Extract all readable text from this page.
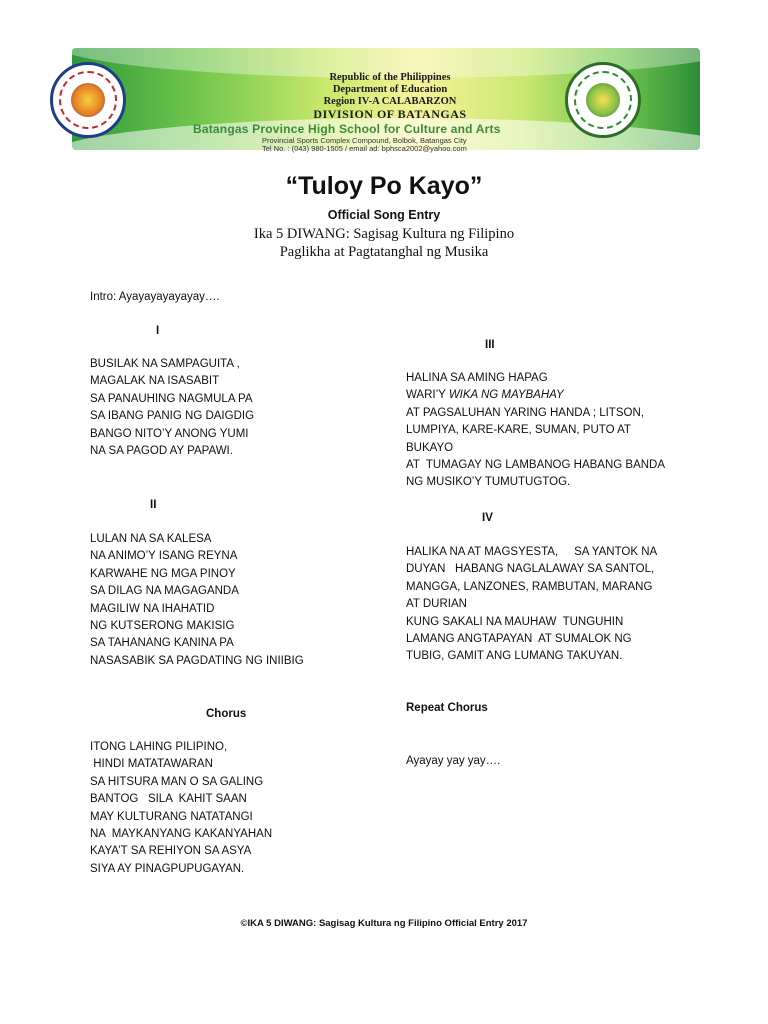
Republic of the Philippines
Department of Education
Region IV-A CALABARZON
DIVISION OF BATANGAS
Batangas Province High School for Culture and Arts
Provincial Sports Complex Compound, Bolbok, Batangas City
Tel No. : (043) 980-1505 / email ad: bphsca2002@yahoo.com
“Tuloy Po Kayo”
Official Song Entry
Ika 5 DIWANG: Sagisag Kultura ng Filipino
Paglikha at Pagtatanghal ng Musika
Intro: Ayayayayayayay….
I
BUSILAK NA SAMPAGUITA ,
MAGALAK NA ISASABIT
SA PANAUHING NAGMULA PA
SA IBANG PANIG NG DAIGDIG
BANGO NITO’Y ANONG YUMI
NA SA PAGOD AY PAPAWI.
II
LULAN NA SA KALESA
NA ANIMO’Y ISANG REYNA
KARWAHE NG MGA PINOY
SA DILAG NA MAGAGANDA
MAGILIW NA IHAHATID
NG KUTSERONG MAKISIG
SA TAHANANG KANINA PA
NASASABIK SA PAGDATING NG INIIBIG
Chorus
ITONG LAHING PILIPINO,
HINDI MATATAWARAN
SA HITSURA MAN O SA GALING
BANTOG   SILA  KAHIT SAAN
MAY KULTURANG NATATANGI
NA  MAYKANYANG KAKANYAHAN
KAYA’T SA REHIYON SA ASYA
SIYA AY PINAGPUPUGAYAN.
III
HALINA SA AMING HAPAG
WARI’Y WIKA NG MAYBAHAY
AT PAGSALUHAN YARING HANDA ; LITSON,
LUMPIYA, KARE-KARE, SUMAN, PUTO AT
BUKAYO
AT  TUMAGAY NG LAMBANOG HABANG BANDA
NG MUSIKO’Y TUMUTUGTOG.
IV
HALIKA NA AT MAGSYESTA,     SA YANTOK NA
DUYAN   HABANG NAGLALAWAY SA SANTOL,
MANGGA, LANZONES, RAMBUTAN, MARANG
AT DURIAN
KUNG SAKALI NA MAUHAW  TUNGUHIN
LAMANG ANGTAPAYAN  AT SUMALOK NG
TUBIG, GAMIT ANG LUMANG TAKUYAN.
Repeat Chorus
Ayayay yay yay….
©IKA 5 DIWANG: Sagisag Kultura ng Filipino Official Entry 2017
